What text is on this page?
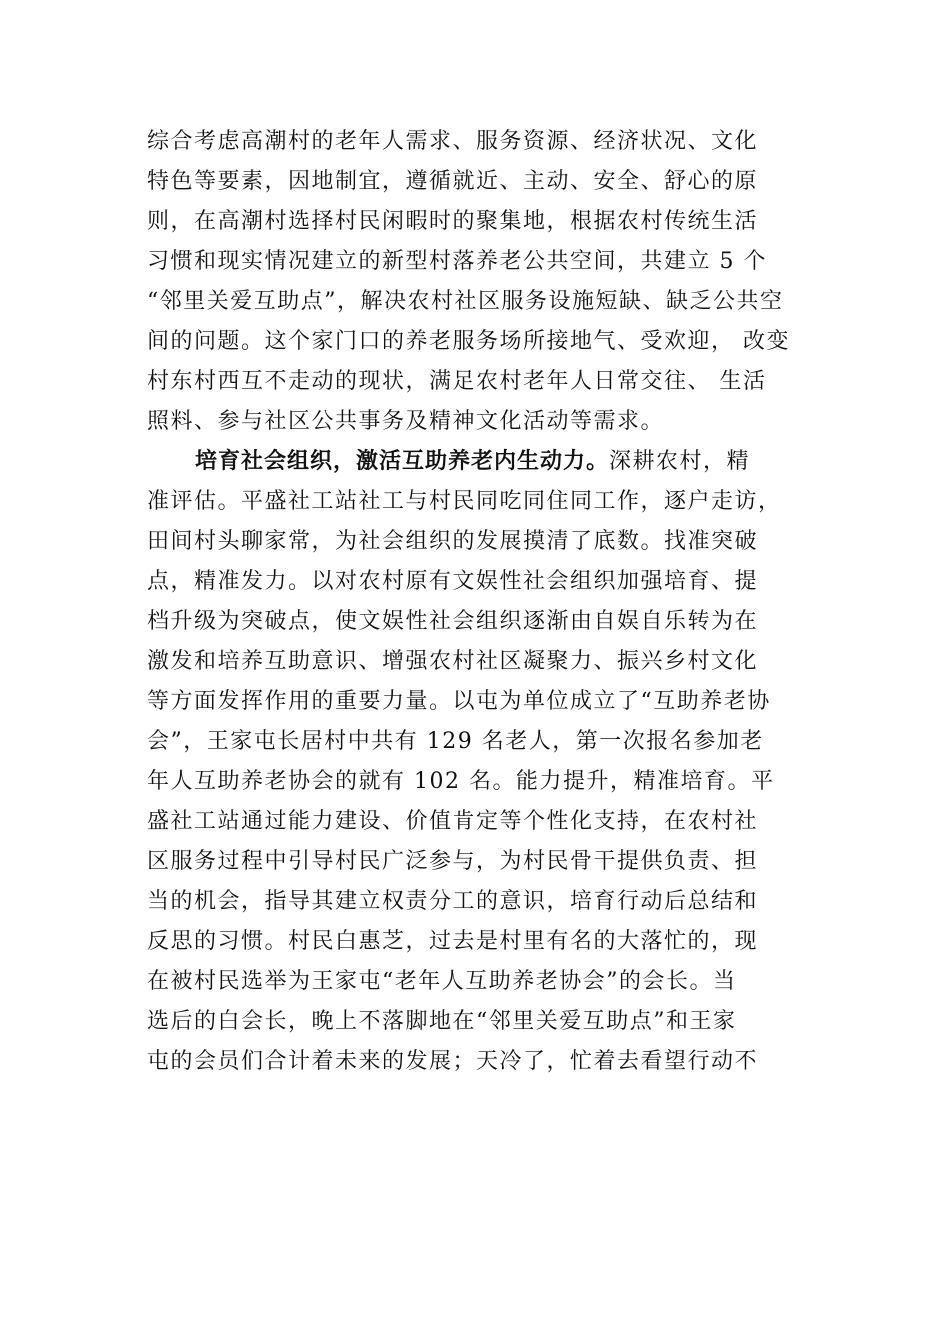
综合考虑高潮村的老年人需求、服务资源、经济状况、文化
特色等要素，因地制宜，遵循就近、主动、安全、舒心的原
则，在高潮村选择村民闲暇时的聚集地，根据农村传统生活
习惯和现实情况建立的新型村落养老公共空间，共建立 5 个
“邻里关爱互助点”，解决农村社区服务设施短缺、缺乏公共空
间的问题。这个家门口的养老服务场所接地气、受欢迎， 改变
村东村西互不走动的现状，满足农村老年人日常交往、 生活
照料、参与社区公共事务及精神文化活动等需求。
培育社会组织，激活互助养老内生动力。深耕农村，精
准评估。平盛社工站社工与村民同吃同住同工作，逐户走访，
田间村头聊家常，为社会组织的发展摸清了底数。找准突破
点，精准发力。以对农村原有文娱性社会组织加强培育、提
档升级为突破点，使文娱性社会组织逐渐由自娱自乐转为在
激发和培养互助意识、增强农村社区凝聚力、振兴乡村文化
等方面发挥作用的重要力量。以屯为单位成立了“互助养老协
会”，王家屯长居村中共有 129 名老人，第一次报名参加老
年人互助养老协会的就有 102 名。能力提升，精准培育。平
盛社工站通过能力建设、价值肯定等个性化支持，在农村社
区服务过程中引导村民广泛参与，为村民骨干提供负责、担
当的机会，指导其建立权责分工的意识，培育行动后总结和
反思的习惯。村民白惠芝，过去是村里有名的大落忙的，现
在被村民选举为王家屯“老年人互助养老协会”的会长。当
选后的白会长，晚上不落脚地在“邻里关爱互助点”和王家
屯的会员们合计着未来的发展；天冷了，忙着去看望行动不
